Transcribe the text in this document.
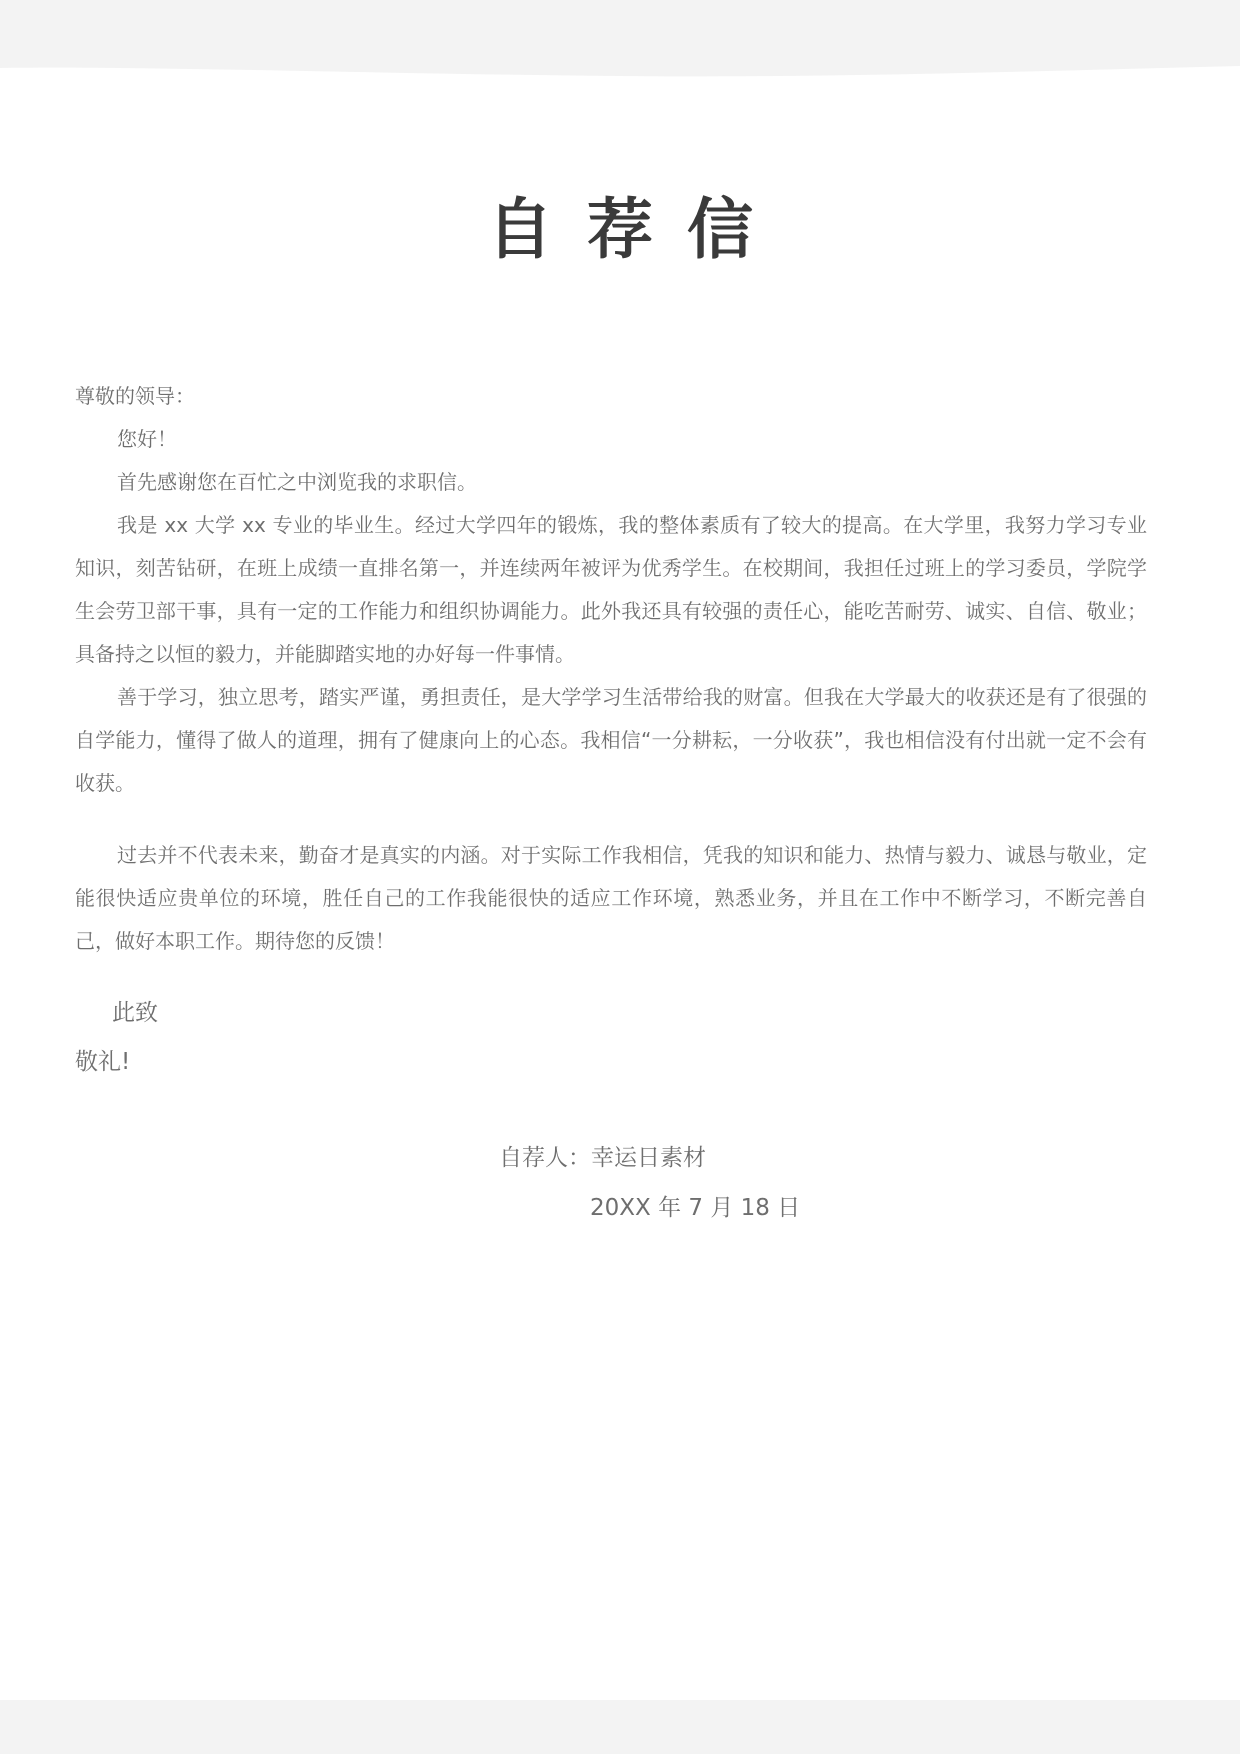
自荐信
尊敬的领导：

您好！

首先感谢您在百忙之中浏览我的求职信。

我是 xx 大学 xx 专业的毕业生。经过大学四年的锻炼，我的整体素质有了较大的提高。在大学里，我努力学习专业知识，刻苦钻研，在班上成绩一直排名第一，并连续两年被评为优秀学生。在校期间，我担任过班上的学习委员，学院学生会劳卫部干事，具有一定的工作能力和组织协调能力。此外我还具有较强的责任心，能吃苦耐劳、诚实、自信、敬业；具备持之以恒的毅力，并能脚踏实地的办好每一件事情。

善于学习，独立思考，踏实严谨，勇担责任，是大学学习生活带给我的财富。但我在大学最大的收获还是有了很强的自学能力，懂得了做人的道理，拥有了健康向上的心态。我相信“一分耕耘，一分收获”，我也相信没有付出就一定不会有收获。

过去并不代表未来，勤奋才是真实的内涵。对于实际工作我相信，凭我的知识和能力、热情与毅力、诚恳与敬业，定能很快适应贵单位的环境，胜任自己的工作我能很快的适应工作环境，熟悉业务，并且在工作中不断学习，不断完善自己，做好本职工作。期待您的反馈！

此致
敬礼!
自荐人：幸运日素材
20XX 年 7 月 18 日
